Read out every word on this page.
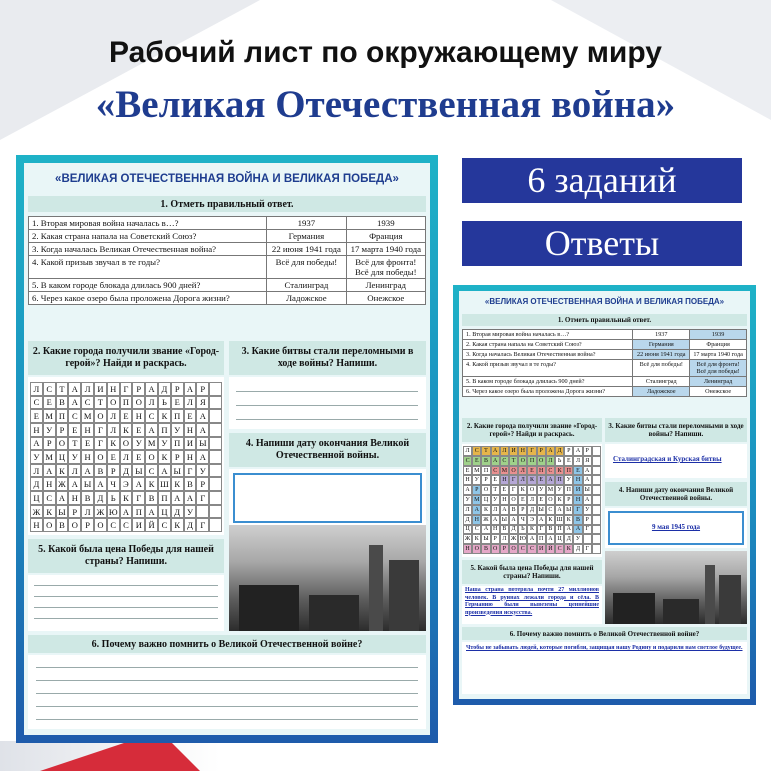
Рабочий лист по окружающему миру
«Великая Отечественная война»
6 заданий
Ответы
«ВЕЛИКАЯ ОТЕЧЕСТВЕННАЯ ВОЙНА И ВЕЛИКАЯ ПОБЕДА»
1. Отметь правильный ответ.
1. Вторая мировая война началась в…?	1937	1939
2. Какая страна напала на Советский Союз?	Германия	Франция
3. Когда началась Великая Отечественная война?	22 июня 1941 года	17 марта 1940 года
4. Какой призыв звучал в те годы?	Всё для победы!	Всё для фронта! Всё для победы!
5. В каком городе блокада длилась 900 дней?	Сталинград	Ленинград
6. Через какое озеро была проложена Дорога жизни?	Ладожское	Онежское
2. Какие города получили звание «Город-герой»? Найди и раскрась.
Л С Т А Л И Н Г Р А Д Р А Р
С Е В А С Т О П О Л Ь Е Л Я
Е М П С М О Л Е Н С К П Е А
Н У Р Е Н Г Л К Е А П У Н А
А Р О Т Е Г К О У М У П И Ы
У М Ц У Н О Е Л Е О К Р Н А
Л А К Л А В Р Д Ы С А Ы Г У
Д Н Ж А Ы А Ч Э А К Ш К В Р
Ц С А Н В Д Ь К Г В П А А Г
Ж К Ы Р Л Ж Ю А П А Ц Д У
Н О В О Р О С С И Й С К Д Г
3. Какие битвы стали переломными в ходе войны? Напиши.
4. Напиши дату окончания Великой Отечественной войны.
5. Какой была цена Победы для нашей страны? Напиши.
6. Почему важно помнить о Великой Отечественной войне?
«ВЕЛИКАЯ ОТЕЧЕСТВЕННАЯ ВОЙНА И ВЕЛИКАЯ ПОБЕДА»
1. Отметь правильный ответ.
1. Вторая мировая война началась в…?	1937	1939
2. Какая страна напала на Советский Союз?	Германия	Франция
3. Когда началась Великая Отечественная война?	22 июня 1941 года	17 марта 1940 года
4. Какой призыв звучал в те годы?	Всё для победы!	Всё для фронта! Всё для победы!
5. В каком городе блокада длилась 900 дней?	Сталинград	Ленинград
6. Через какое озеро была проложена Дорога жизни?	Ладожское	Онежское
2. Какие города получили звание «Город-герой»? Найди и раскрась.
Л С Т А Л И Н Г Р А Д Р А Р
С Е В А С Т О П О Л Ь Е Л Я
Е М П С М О Л Е Н С К П Е А
Н У Р Е Н Г Л К Е А П У Н А
А Р О Т Е Г К О У М У П И Ы
У М Ц У Н О Е Л Е О К Р Н А
Л А К Л А В Р Д Ы С А Ы Г У
Д Н Ж А Ы А Ч Э А К Ш К В Р
Ц С А Н В Д Ь К Г В П А А Г
Ж К Ы Р Л Ж Ю А П А Ц Д У
Н О В О Р О С С И Й С К Д Г
3. Какие битвы стали переломными в ходе войны? Напиши.
Сталинградская и Курская битвы
4. Напиши дату окончания Великой Отечественной войны.
9 мая 1945 года
5. Какой была цена Победы для нашей страны? Напиши.
Наша страна потеряла почти 27 миллионов человек. В руинах лежали города и сёла. В Германию были вывезены ценнейшие произведения искусства.
6. Почему важно помнить о Великой Отечественной войне?
Чтобы не забывать людей, которые погибли, защищая нашу Родину и подарили нам светлое будущее.
